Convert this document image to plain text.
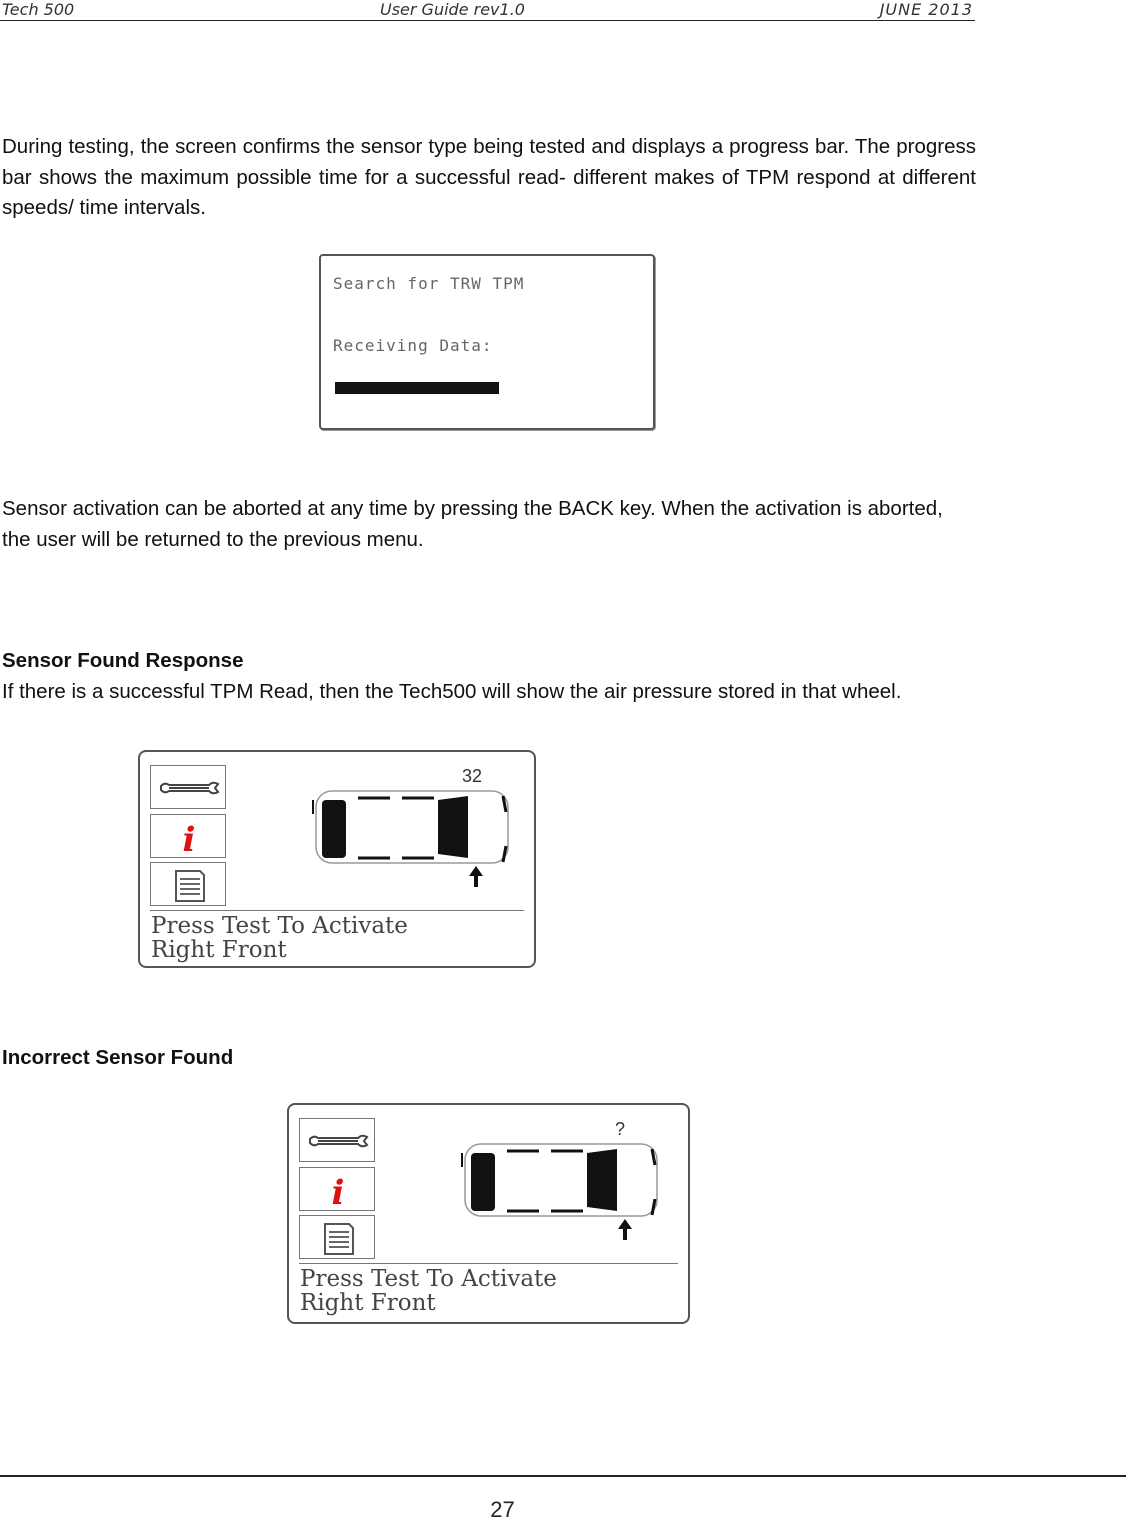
Tech 500	User Guide rev1.0	JUNE 2013

During testing, the screen confirms the sensor type being tested and displays a progress bar. The progress bar shows the maximum possible time for a successful read- different makes of TPM respond at different speeds/ time intervals.

Search for TRW TPM
Receiving Data:

Sensor activation can be aborted at any time by pressing the BACK key. When the activation is aborted, the user will be returned to the previous menu.

Sensor Found Response

If there is a successful TPM Read, then the Tech500 will show the air pressure stored in that wheel.

i
32
Press Test To Activate
Right Front
Incorrect Sensor Found
i
?
Press Test To Activate
Right Front
27
